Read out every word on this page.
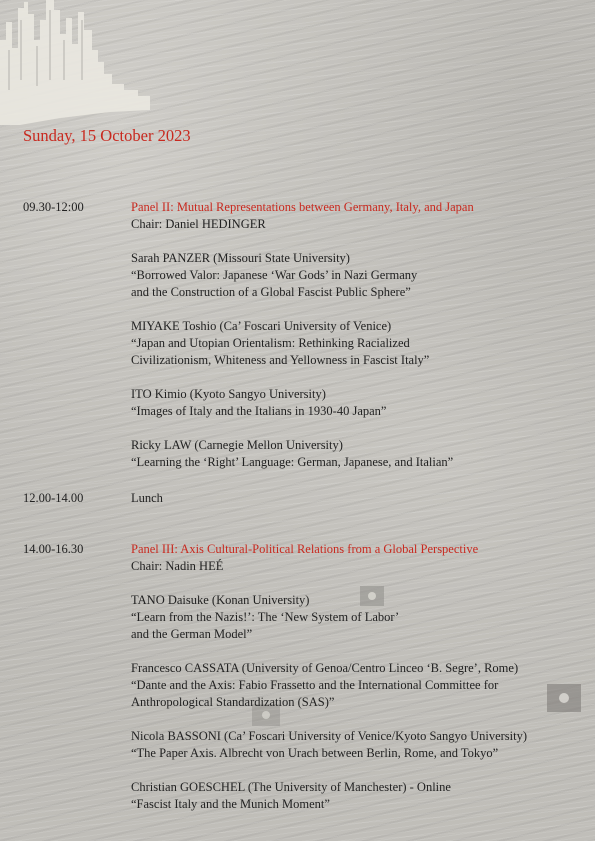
Sunday, 15 October 2023
09.30-12:00	Panel II: Mutual Representations between Germany, Italy, and Japan
Chair: Daniel HEDINGER
Sarah PANZER (Missouri State University)
“Borrowed Valor: Japanese ‘War Gods’ in Nazi Germany
and the Construction of a Global Fascist Public Sphere”
MIYAKE Toshio (Ca’ Foscari University of Venice)
“Japan and Utopian Orientalism: Rethinking Racialized
Civilizationism, Whiteness and Yellowness in Fascist Italy”
ITO Kimio (Kyoto Sangyo University)
“Images of Italy and the Italians in 1930-40 Japan”
Ricky LAW (Carnegie Mellon University)
“Learning the ‘Right’ Language: German, Japanese, and Italian”
12.00-14.00	Lunch
14.00-16.30	Panel III: Axis Cultural-Political Relations from a Global Perspective
Chair: Nadin HEÉ
TANO Daisuke (Konan University)
“Learn from the Nazis!’: The ‘New System of Labor’
and the German Model”
Francesco CASSATA (University of Genoa/Centro Linceo ‘B. Segre’, Rome)
“Dante and the Axis: Fabio Frassetto and the International Committee for
Anthropological Standardization (SAS)”
Nicola BASSONI (Ca’ Foscari University of Venice/Kyoto Sangyo University)
“The Paper Axis. Albrecht von Urach between Berlin, Rome, and Tokyo”
Christian GOESCHEL (The University of Manchester) - Online
“Fascist Italy and the Munich Moment”
